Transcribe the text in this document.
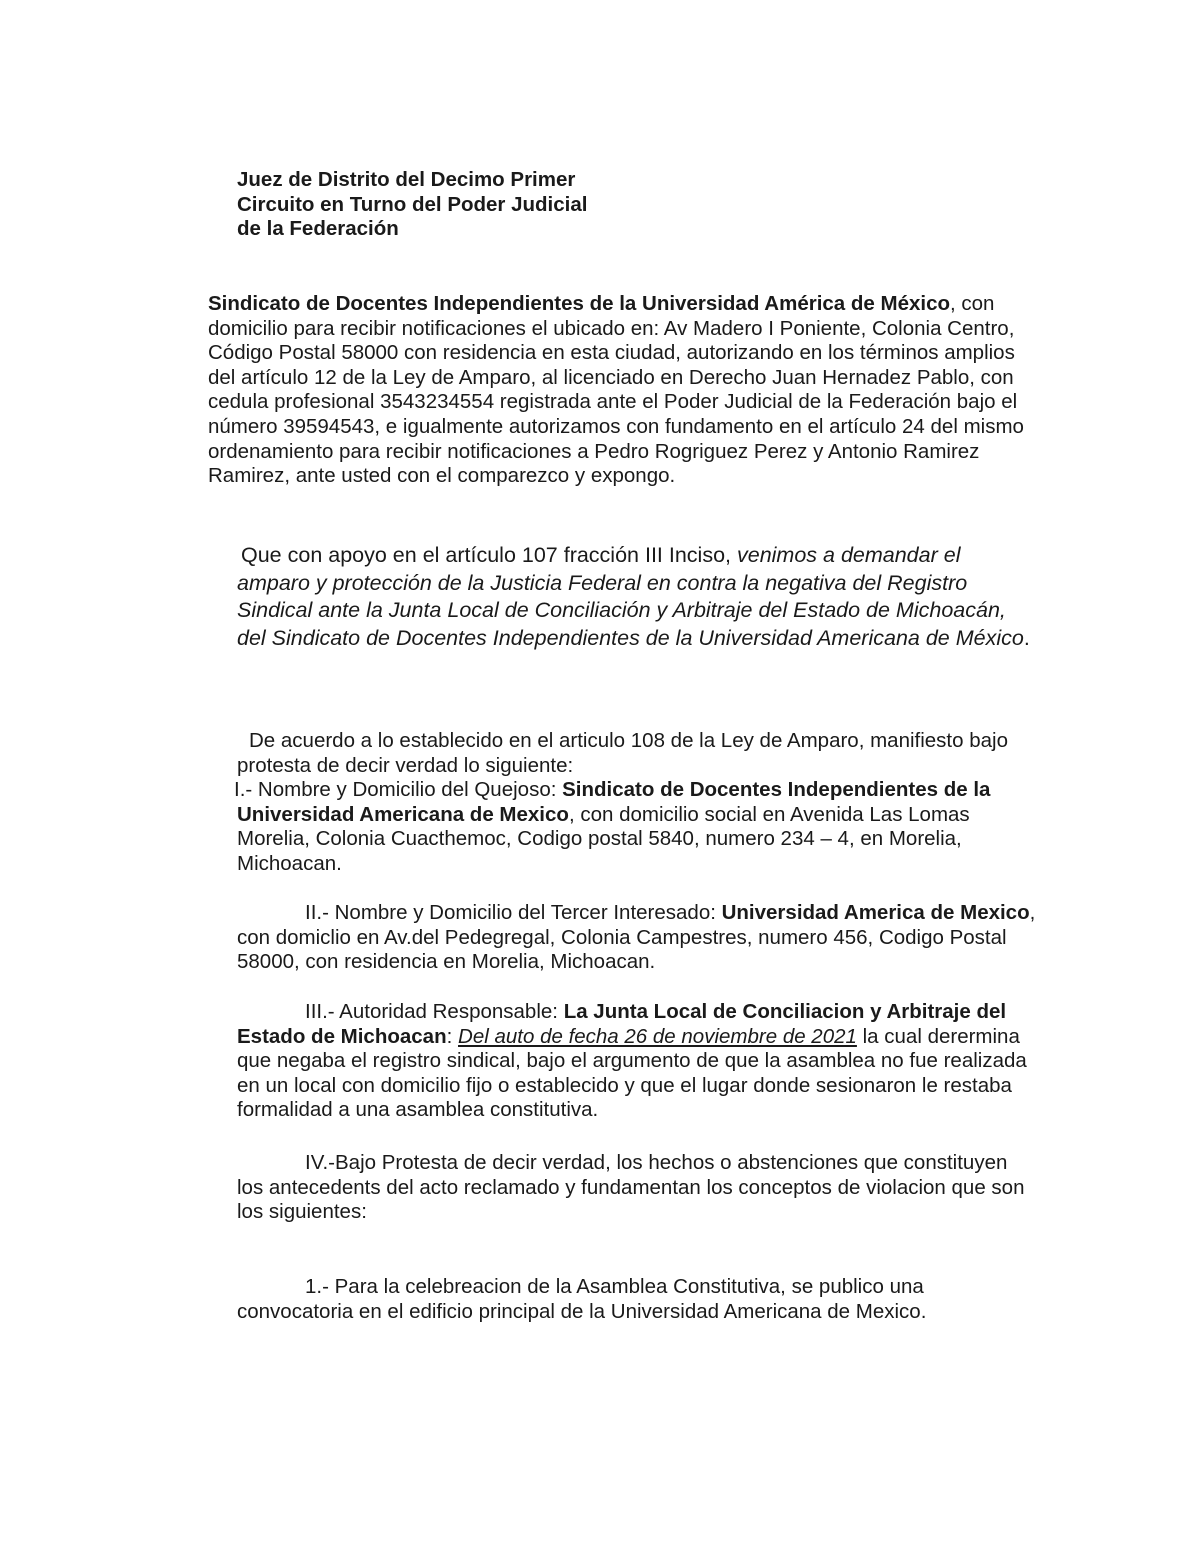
Juez de Distrito del Decimo Primer
Circuito en Turno del Poder Judicial
de la Federación

Sindicato de Docentes Independientes de la Universidad América de México, con domicilio para recibir notificaciones el ubicado en: Av Madero I Poniente, Colonia Centro, Código Postal 58000 con residencia en esta ciudad, autorizando en los términos amplios del artículo 12 de la Ley de Amparo, al licenciado en Derecho Juan Hernadez Pablo, con cedula profesional 3543234554 registrada ante el Poder Judicial de la Federación bajo el número 39594543, e igualmente autorizamos con fundamento en el artículo 24 del mismo ordenamiento para recibir notificaciones a Pedro Rogriguez Perez y Antonio Ramirez Ramirez, ante usted con el comparezco y expongo.

Que con apoyo en el artículo 107 fracción III Inciso, venimos a demandar el amparo y protección de la Justicia Federal en contra la negativa del Registro Sindical ante la Junta Local de Conciliación y Arbitraje del Estado de Michoacán, del Sindicato de Docentes Independientes de la Universidad Americana de México.

De acuerdo a lo establecido en el articulo 108 de la Ley de Amparo, manifiesto bajo protesta de decir verdad lo siguiente:

I.- Nombre y Domicilio del Quejoso: Sindicato de Docentes Independientes de la Universidad Americana de Mexico, con domicilio social en Avenida Las Lomas Morelia, Colonia Cuacthemoc, Codigo postal 5840, numero 234 – 4, en Morelia, Michoacan.

II.- Nombre y Domicilio del Tercer Interesado: Universidad America de Mexico, con domiclio en Av.del Pedegregal, Colonia Campestres, numero 456, Codigo Postal 58000, con residencia en Morelia, Michoacan.

III.- Autoridad Responsable: La Junta Local de Conciliacion y Arbitraje del Estado de Michoacan: Del auto de fecha 26 de noviembre de 2021 la cual derermina que negaba el registro sindical, bajo el argumento de que la asamblea no fue realizada en un local con domicilio fijo o establecido y que el lugar donde sesionaron le restaba formalidad a una asamblea constitutiva.

IV.-Bajo Protesta de decir verdad, los hechos o abstenciones que constituyen los antecedents del acto reclamado y fundamentan los conceptos de violacion que son los siguientes:

1.- Para la celebreacion de la Asamblea Constitutiva, se publico una convocatoria en el edificio principal de la Universidad Americana de Mexico.
